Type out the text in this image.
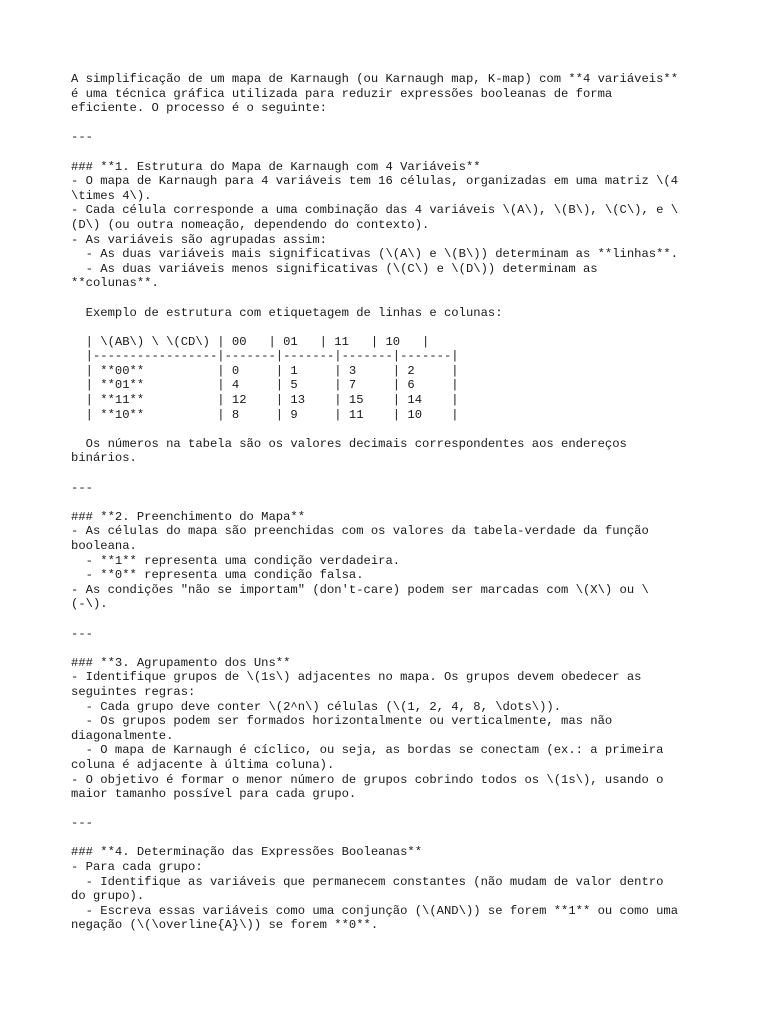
A simplificação de um mapa de Karnaugh (ou Karnaugh map, K-map) com **4 variáveis**
é uma técnica gráfica utilizada para reduzir expressões booleanas de forma
eficiente. O processo é o seguinte:
---
### **1. Estrutura do Mapa de Karnaugh com 4 Variáveis**
- O mapa de Karnaugh para 4 variáveis tem 16 células, organizadas em uma matriz \(4
\times 4\).
- Cada célula corresponde a uma combinação das 4 variáveis \(A\), \(B\), \(C\), e \
(D\) (ou outra nomeação, dependendo do contexto).
- As variáveis são agrupadas assim:
- As duas variáveis mais significativas (\(A\) e \(B\)) determinam as **linhas**.
- As duas variáveis menos significativas (\(C\) e \(D\)) determinam as
**colunas**.
Exemplo de estrutura com etiquetagem de linhas e colunas:
| \(AB\) \ \(CD\) | 00   | 01   | 11   | 10   |
|-----------------|-------|-------|-------|-------|
| **00**          | 0     | 1     | 3     | 2     |
| **01**          | 4     | 5     | 7     | 6     |
| **11**          | 12    | 13    | 15    | 14    |
| **10**          | 8     | 9     | 11    | 10    |
Os números na tabela são os valores decimais correspondentes aos endereços
binários.
---
### **2. Preenchimento do Mapa**
- As células do mapa são preenchidas com os valores da tabela-verdade da função
booleana.
- **1** representa uma condição verdadeira.
- **0** representa uma condição falsa.
- As condições "não se importam" (don't-care) podem ser marcadas com \(X\) ou \
(-\).
---
### **3. Agrupamento dos Uns**
- Identifique grupos de \(1s\) adjacentes no mapa. Os grupos devem obedecer as
seguintes regras:
- Cada grupo deve conter \(2^n\) células (\(1, 2, 4, 8, \dots\)).
- Os grupos podem ser formados horizontalmente ou verticalmente, mas não
diagonalmente.
- O mapa de Karnaugh é cíclico, ou seja, as bordas se conectam (ex.: a primeira
coluna é adjacente à última coluna).
- O objetivo é formar o menor número de grupos cobrindo todos os \(1s\), usando o
maior tamanho possível para cada grupo.
---
### **4. Determinação das Expressões Booleanas**
- Para cada grupo:
- Identifique as variáveis que permanecem constantes (não mudam de valor dentro
do grupo).
- Escreva essas variáveis como uma conjunção (\(AND\)) se forem **1** ou como uma
negação (\(\overline{A}\)) se forem **0**.
